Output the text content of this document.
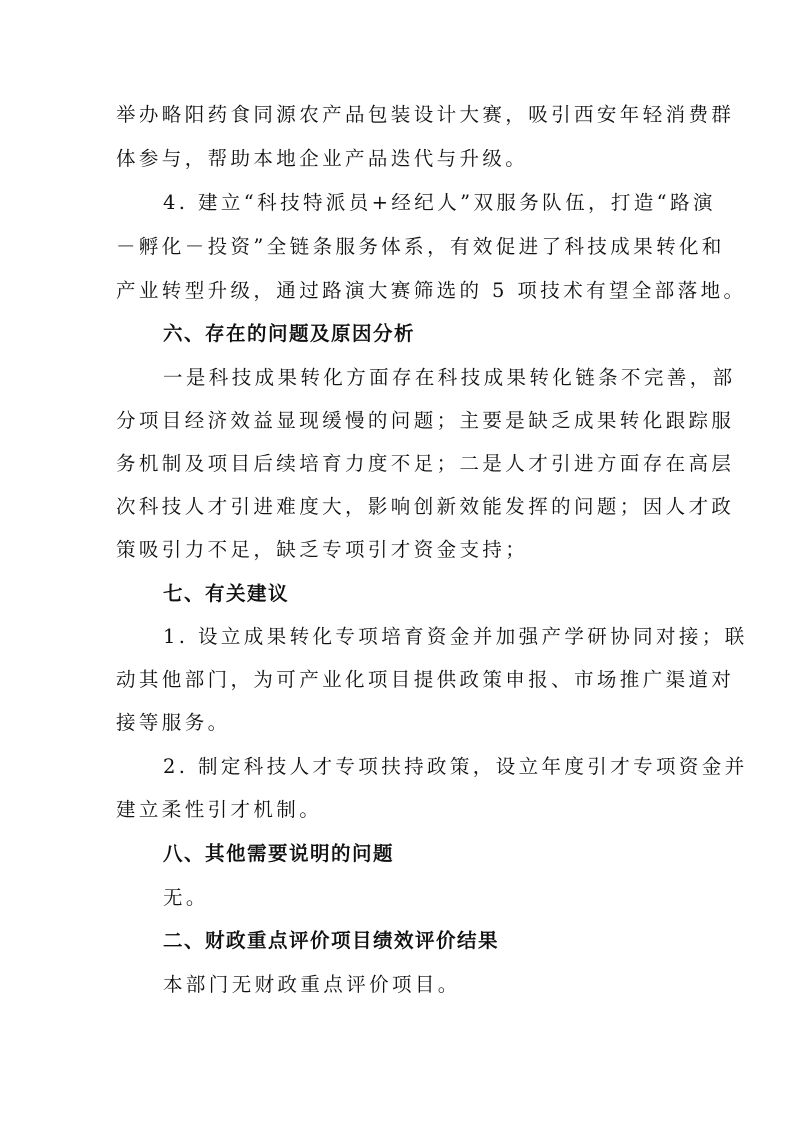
举办略阳药食同源农产品包装设计大赛，吸引西安年轻消费群
体参与，帮助本地企业产品迭代与升级。
4. 建立“科技特派员+经纪人”双服务队伍，打造“路演
－孵化－投资”全链条服务体系，有效促进了科技成果转化和
产业转型升级，通过路演大赛筛选的 5 项技术有望全部落地。
六、存在的问题及原因分析
一是科技成果转化方面存在科技成果转化链条不完善，部
分项目经济效益显现缓慢的问题；主要是缺乏成果转化跟踪服
务机制及项目后续培育力度不足；二是人才引进方面存在高层
次科技人才引进难度大，影响创新效能发挥的问题；因人才政
策吸引力不足，缺乏专项引才资金支持；
七、有关建议
1. 设立成果转化专项培育资金并加强产学研协同对接；联
动其他部门，为可产业化项目提供政策申报、市场推广渠道对
接等服务。
2. 制定科技人才专项扶持政策，设立年度引才专项资金并
建立柔性引才机制。
八、其他需要说明的问题
无。
二、财政重点评价项目绩效评价结果
本部门无财政重点评价项目。
